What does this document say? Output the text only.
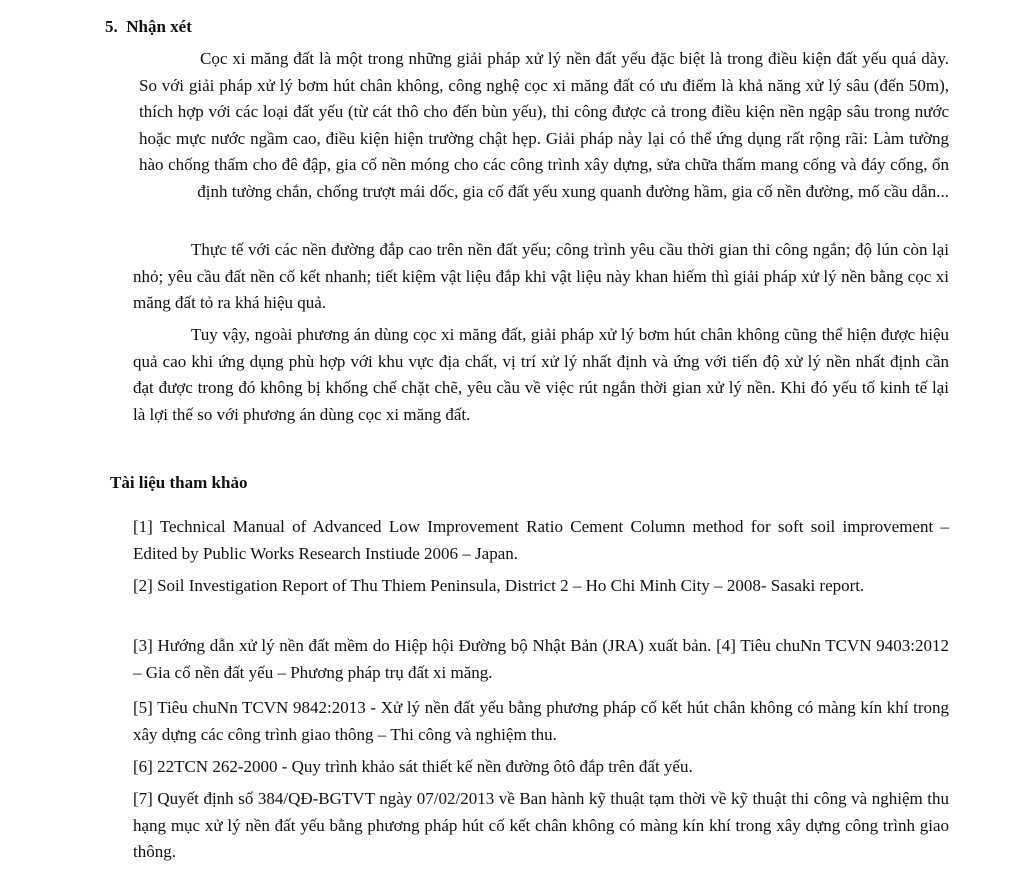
5. Nhận xét

Cọc xi măng đất là một trong những giải pháp xử lý nền đất yếu đặc biệt là trong điều kiện đất yếu quá dày. So với giải pháp xử lý bơm hút chân không, công nghệ cọc xi măng đất có ưu điểm là khả năng xử lý sâu (đến 50m), thích hợp với các loại đất yếu (từ cát thô cho đến bùn yếu), thi công được cả trong điều kiện nền ngập sâu trong nước hoặc mực nước ngầm cao, điều kiện hiện trường chật hẹp. Giải pháp này lại có thể ứng dụng rất rộng rãi: Làm tường hào chống thấm cho đê đập, gia cố nền móng cho các công trình xây dựng, sửa chữa thấm mang cống và đáy cống, ổn định tường chắn, chống trượt mái dốc, gia cố đất yếu xung quanh đường hầm, gia cố nền đường, mố cầu dẫn...

Thực tế với các nền đường đắp cao trên nền đất yếu; công trình yêu cầu thời gian thi công ngắn; độ lún còn lại nhỏ; yêu cầu đất nền cố kết nhanh; tiết kiệm vật liệu đắp khi vật liệu này khan hiếm thì giải pháp xử lý nền bằng cọc xi măng đất tỏ ra khá hiệu quả.

Tuy vậy, ngoài phương án dùng cọc xi măng đất, giải pháp xử lý bơm hút chân không cũng thể hiện được hiệu quả cao khi ứng dụng phù hợp với khu vực địa chất, vị trí xử lý nhất định và ứng với tiến độ xử lý nền nhất định cần đạt được trong đó không bị khống chế chặt chẽ, yêu cầu về việc rút ngắn thời gian xử lý nền. Khi đó yếu tố kinh tế lại là lợi thế so với phương án dùng cọc xi măng đất.

Tài liệu tham khảo

[1] Technical Manual of Advanced Low Improvement Ratio Cement Column method for soft soil improvement – Edited by Public Works Research Instiude 2006 – Japan.

[2] Soil Investigation Report of Thu Thiem Peninsula, District 2 – Ho Chi Minh City – 2008- Sasaki report.

[3] Hướng dẫn xử lý nền đất mềm do Hiệp hội Đường bộ Nhật Bản (JRA) xuất bản. [4] Tiêu chuNn TCVN 9403:2012 – Gia cố nền đất yếu – Phương pháp trụ đất xi măng.

[5] Tiêu chuNn TCVN 9842:2013 - Xử lý nền đất yếu bằng phương pháp cố kết hút chân không có màng kín khí trong xây dựng các công trình giao thông – Thi công và nghiệm thu.

[6] 22TCN 262-2000 - Quy trình khảo sát thiết kế nền đường ôtô đắp trên đất yếu.

[7] Quyết định số 384/QĐ-BGTVT ngày 07/02/2013 về Ban hành kỹ thuật tạm thời về kỹ thuật thi công và nghiệm thu hạng mục xử lý nền đất yếu bằng phương pháp hút cố kết chân không có màng kín khí trong xây dựng công trình giao thông.
